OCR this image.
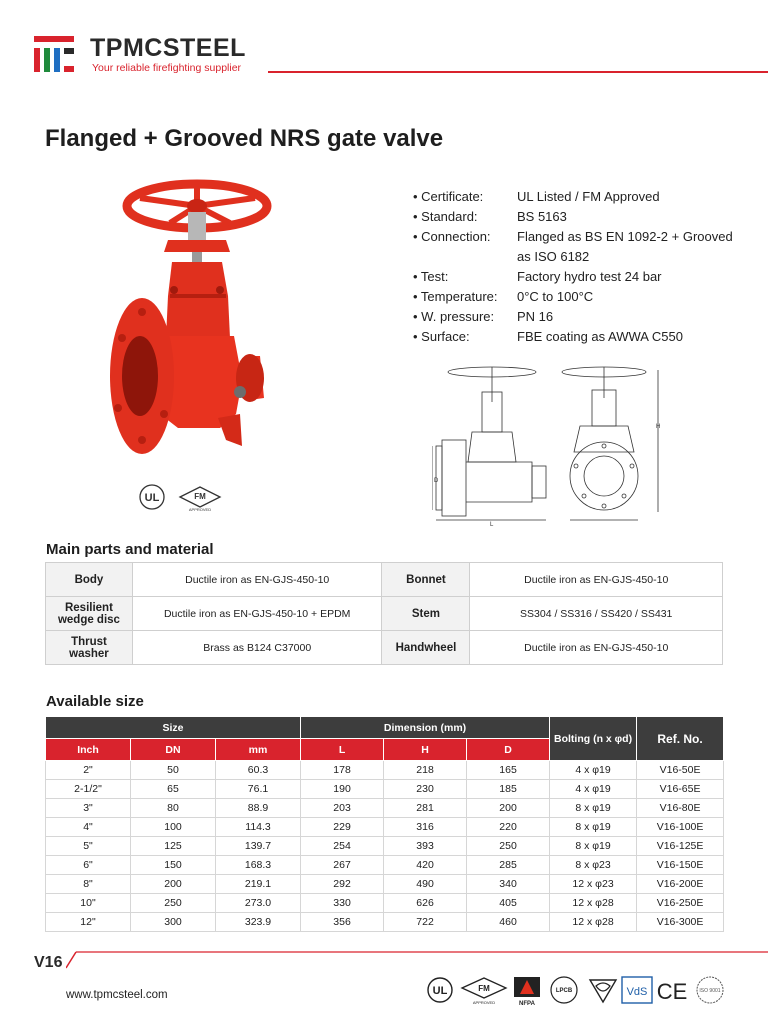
TPMCSTEEL
Your reliable firefighting supplier
Flanged + Grooved NRS gate valve
UL	FM
APPROVED
• Certificate:	UL Listed / FM Approved
• Standard:	BS 5163
• Connection:	Flanged as BS EN 1092-2 + Grooved
as ISO 6182
• Test:	Factory hydro test 24 bar
• Temperature:	0°C to 100°C
• W. pressure:	PN 16
• Surface:	FBE coating as AWWA C550
D
L
H
Main parts and material
Body	Ductile iron as EN-GJS-450-10	Bonnet	Ductile iron as EN-GJS-450-10
Resilient wedge disc	Ductile iron as EN-GJS-450-10 + EPDM	Stem	SS304 / SS316 / SS420 / SS431
Thrust washer	Brass as B124 C37000	Handwheel	Ductile iron as EN-GJS-450-10
Available size
Size			Dimension (mm)			Bolting (n x φd)	Ref. No.
Inch	DN	mm	L	H	D		
2"	50	60.3	178	218	165	4 x φ19	V16-50E
2-1/2"	65	76.1	190	230	185	4 x φ19	V16-65E
3"	80	88.9	203	281	200	8 x φ19	V16-80E
4"	100	114.3	229	316	220	8 x φ19	V16-100E
5"	125	139.7	254	393	250	8 x φ19	V16-125E
6"	150	168.3	267	420	285	8 x φ23	V16-150E
8"	200	219.1	292	490	340	12 x φ23	V16-200E
10"	250	273.0	330	626	405	12 x φ28	V16-250E
12"	300	323.9	356	722	460	12 x φ28	V16-300E
V16
www.tpmcsteel.com	UL	FM
APPROVED	NFPA
LPCB	VdS CE ISO 9001
